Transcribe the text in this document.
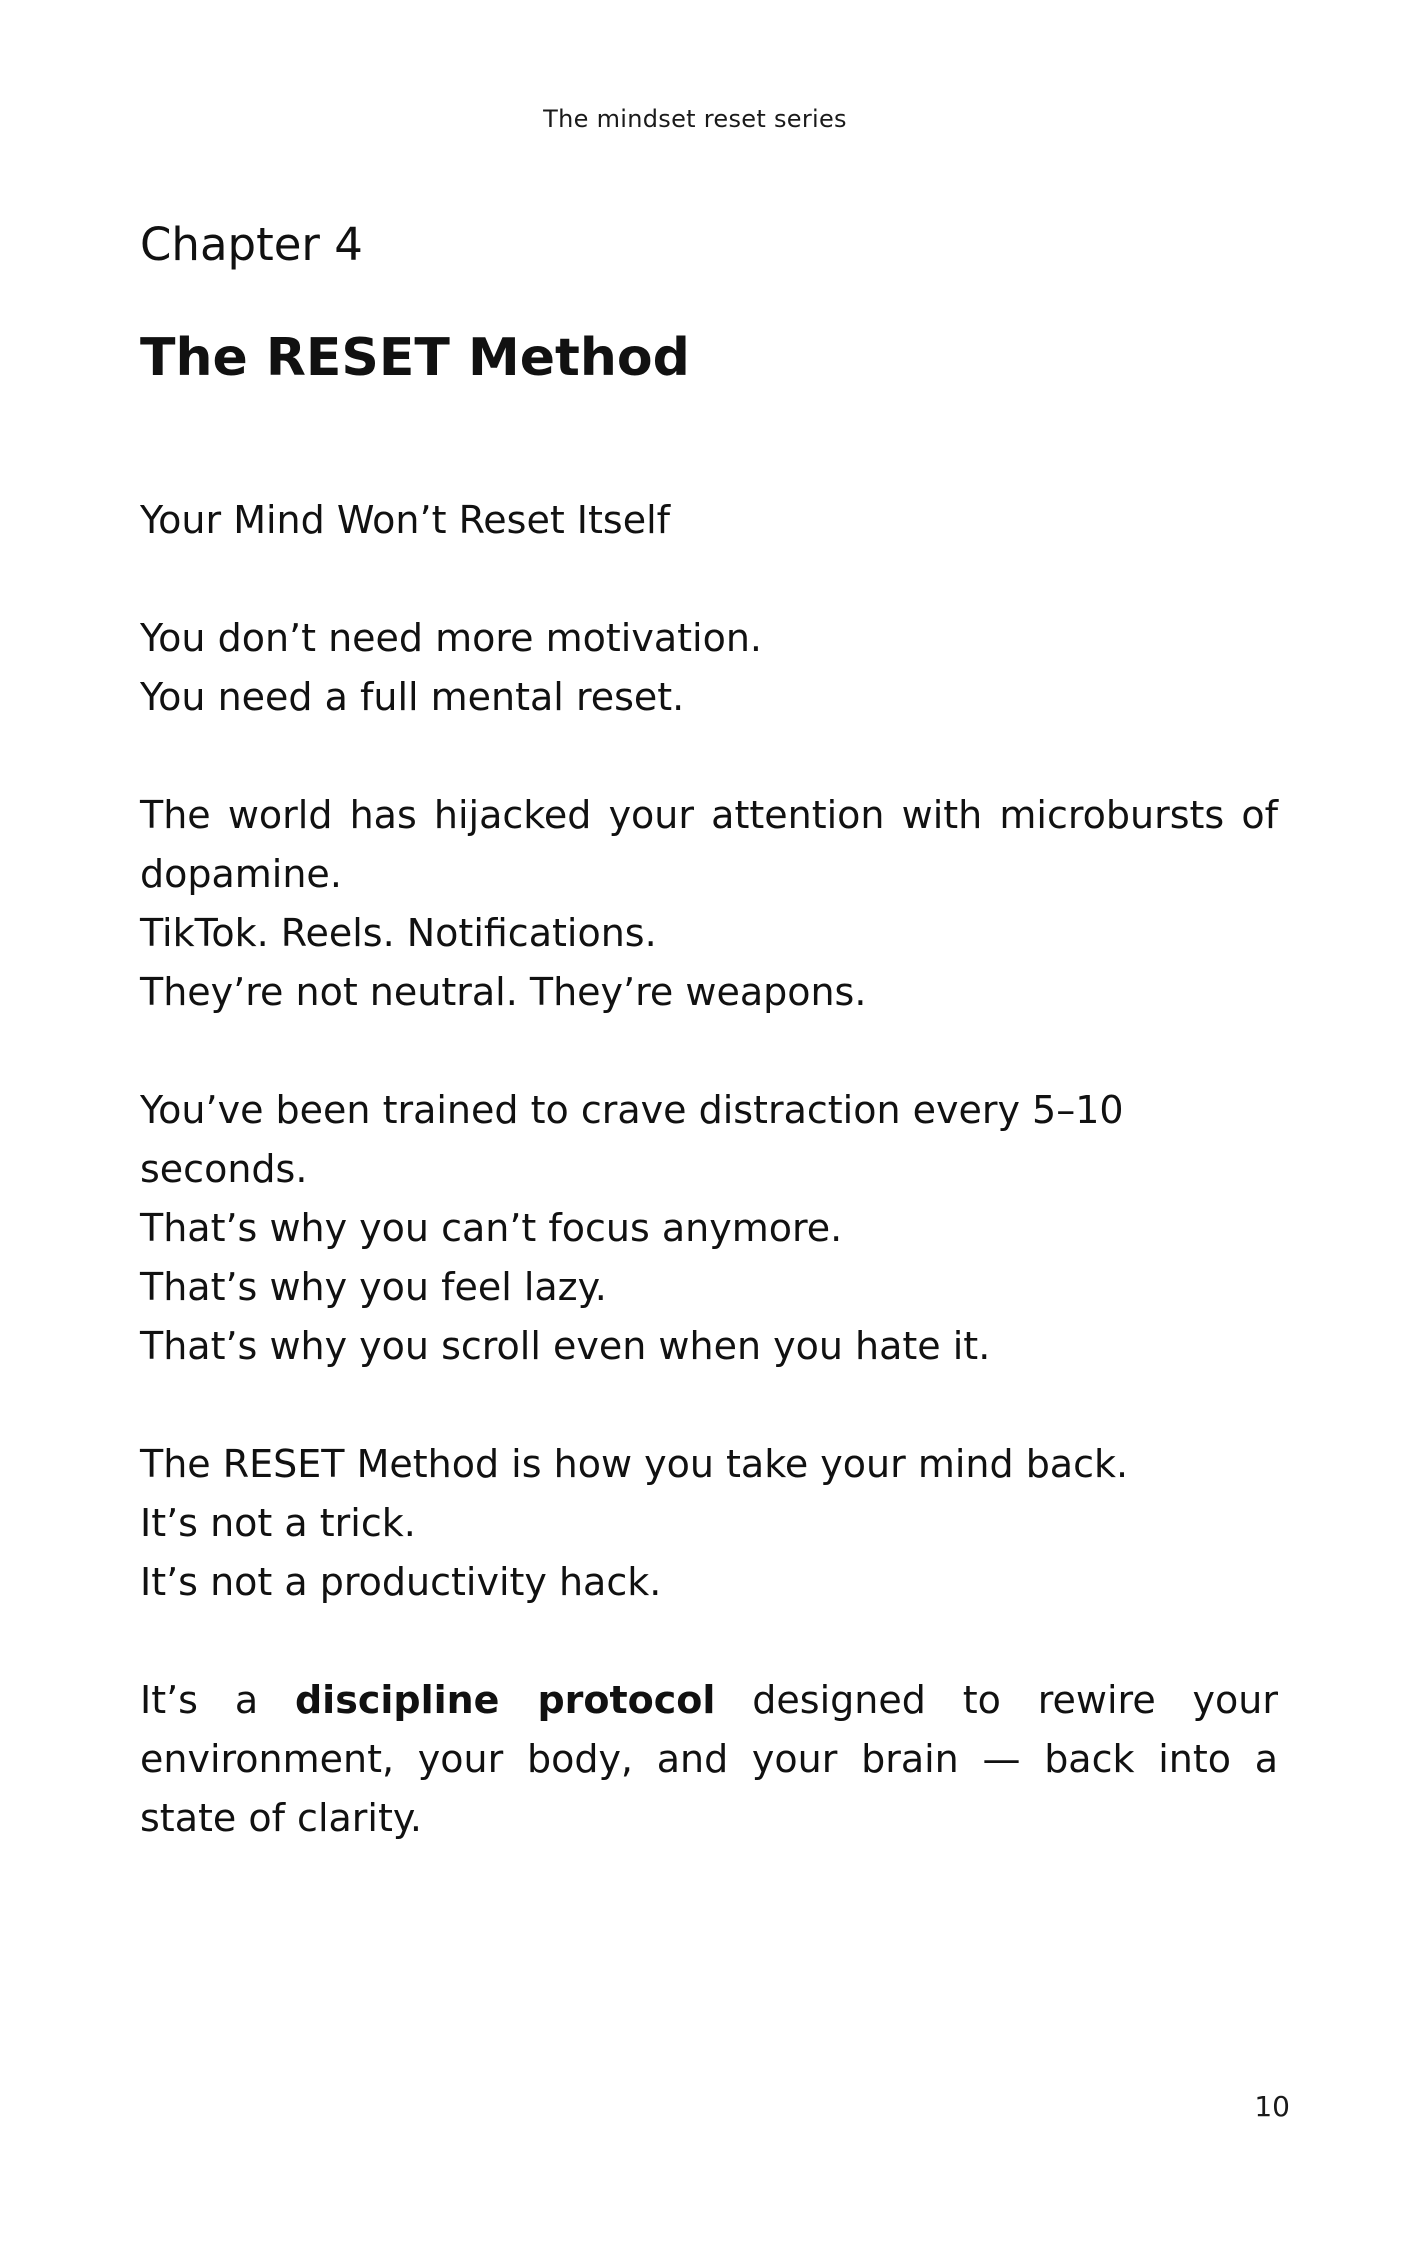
The mindset reset series
Chapter 4
The RESET Method

Your Mind Won’t Reset Itself

You don’t need more motivation.
You need a full mental reset.

The world has hijacked your attention with microbursts of dopamine.
TikTok. Reels. Notifications.
They’re not neutral. They’re weapons.

You’ve been trained to crave distraction every 5–10 seconds.
That’s why you can’t focus anymore.
That’s why you feel lazy.
That’s why you scroll even when you hate it.

The RESET Method is how you take your mind back.
It’s not a trick.
It’s not a productivity hack.

It’s a discipline protocol designed to rewire your environment, your body, and your brain — back into a state of clarity.

10
